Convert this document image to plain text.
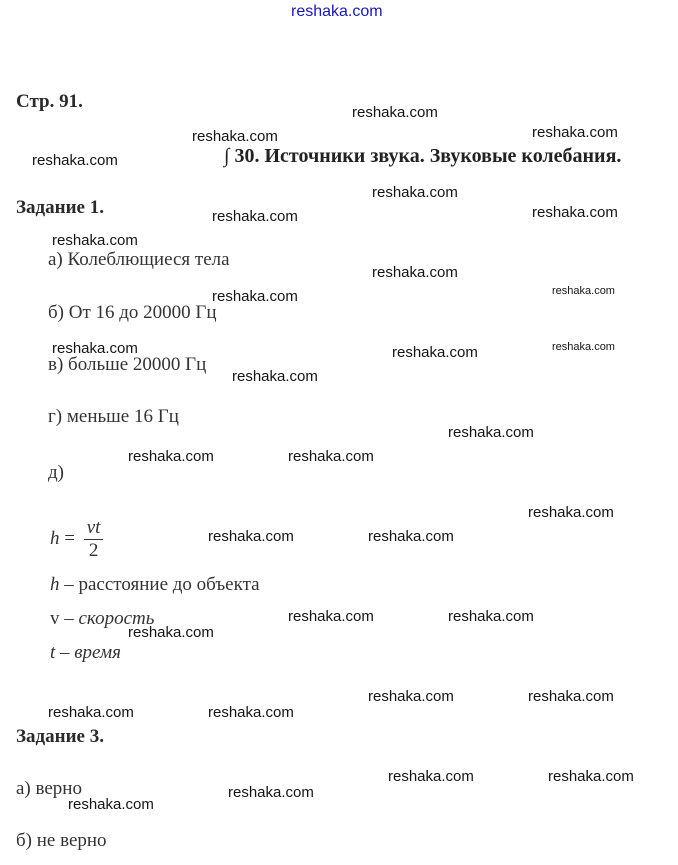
reshaka.com
Стр. 91.
∫ 30. Источники звука. Звуковые колебания.
Задание 1.
а) Колеблющиеся тела
б) От 16 до 20000 Гц
в) больше 20000 Гц
г) меньше 16 Гц
д)
$h = \frac{vt}{2}$
h – расстояние до объекта
v – скорость
t – время
Задание 3.
а) верно
б) не верно
reshaka.com
reshaka.com	reshaka.com
reshaka.com
reshaka.com
reshaka.com	reshaka.com
reshaka.com
reshaka.com
reshaka.com	reshaka.com
reshaka.com	reshaka.com	reshaka.com
reshaka.com
reshaka.com
reshaka.com	reshaka.com
reshaka.com
reshaka.com	reshaka.com
reshaka.com	reshaka.com
reshaka.com
reshaka.com	reshaka.com
reshaka.com	reshaka.com
reshaka.com	reshaka.com
reshaka.com
reshaka.com
